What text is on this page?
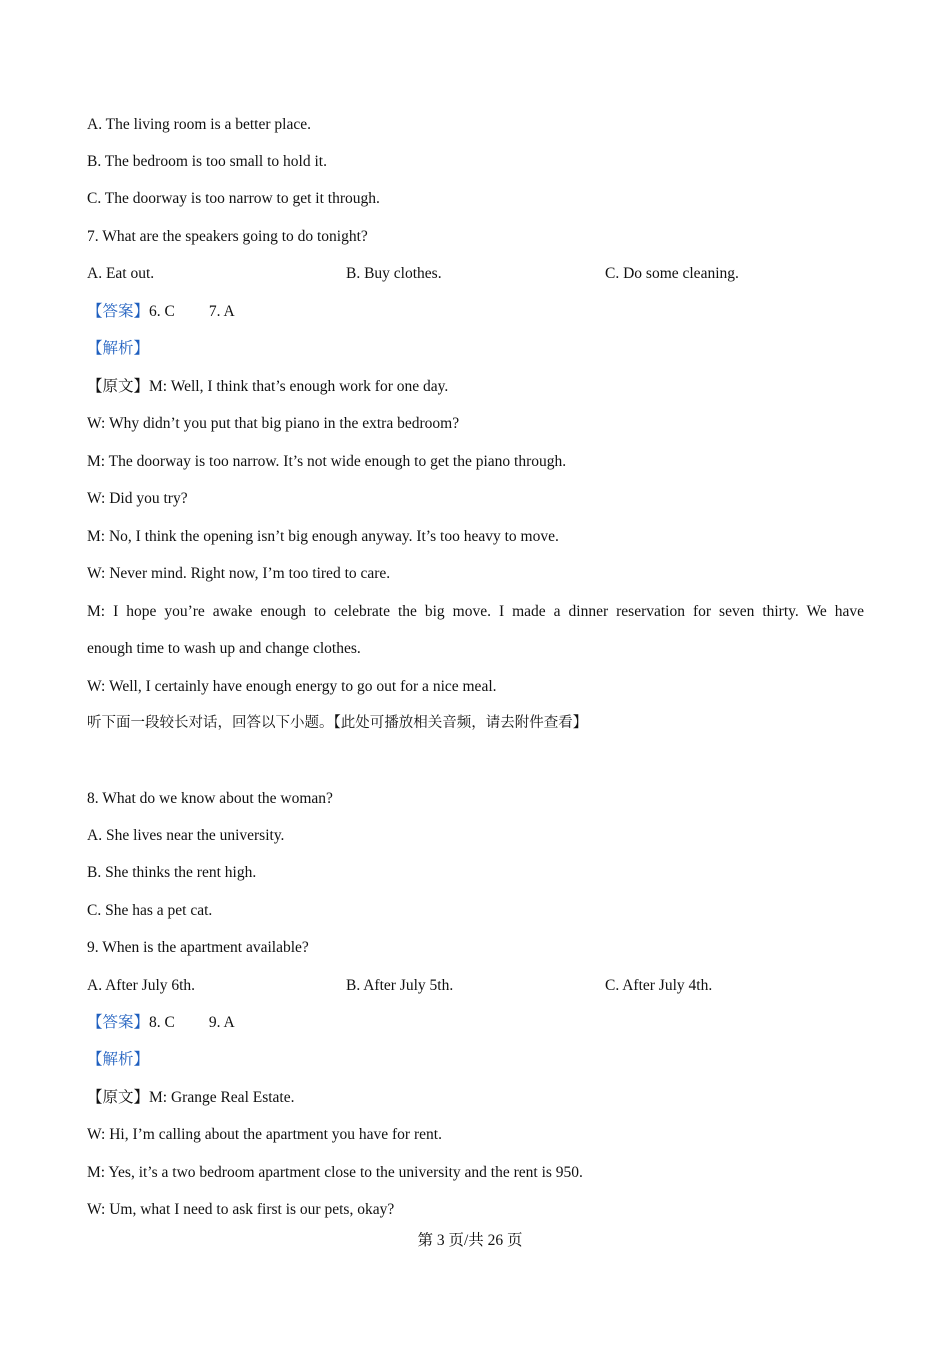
A. The living room is a better place.
B. The bedroom is too small to hold it.
C. The doorway is too narrow to get it through.
7. What are the speakers going to do tonight?
A. Eat out.	B. Buy clothes.	C. Do some cleaning.
【答案】6. C 7. A
【解析】
【原文】M: Well, I think that’s enough work for one day.
W: Why didn’t you put that big piano in the extra bedroom?
M: The doorway is too narrow. It’s not wide enough to get the piano through.
W: Did you try?
M: No, I think the opening isn’t big enough anyway. It’s too heavy to move.
W: Never mind. Right now, I’m too tired to care.
M: I hope you’re awake enough to celebrate the big move. I made a dinner reservation for seven thirty. We have
enough time to wash up and change clothes.
W: Well, I certainly have enough energy to go out for a nice meal.
听下面一段较长对话，回答以下小题。【此处可播放相关音频，请去附件查看】
8. What do we know about the woman?
A. She lives near the university.
B. She thinks the rent high.
C. She has a pet cat.
9. When is the apartment available?
A. After July 6th.	B. After July 5th.	C. After July 4th.
【答案】8. C 9. A
【解析】
【原文】M: Grange Real Estate.
W: Hi, I’m calling about the apartment you have for rent.
M: Yes, it’s a two bedroom apartment close to the university and the rent is 950.
W: Um, what I need to ask first is our pets, okay?
第 3 页/共 26 页
